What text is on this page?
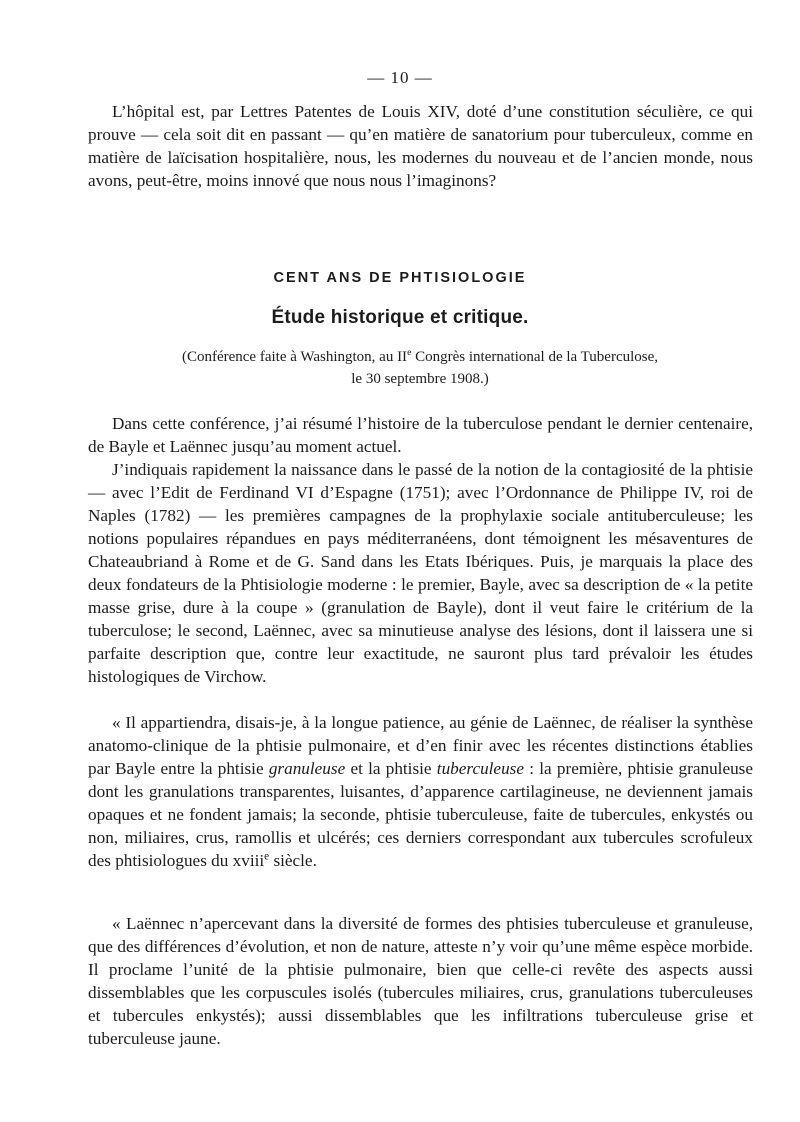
— 10 —

L’hôpital est, par Lettres Patentes de Louis XIV, doté d’une constitution séculière, ce qui prouve — cela soit dit en passant — qu’en matière de sanatorium pour tuberculeux, comme en matière de laïcisation hospitalière, nous, les modernes du nouveau et de l’ancien monde, nous avons, peut-être, moins innové que nous nous l’imaginons?

CENT ANS DE PHTISIOLOGIE
Étude historique et critique.

(Conférence faite à Washington, au IIe Congrès international de la Tuberculose,

le 30 septembre 1908.)

Dans cette conférence, j’ai résumé l’histoire de la tuberculose pendant le dernier centenaire, de Bayle et Laënnec jusqu’au moment actuel.

J’indiquais rapidement la naissance dans le passé de la notion de la contagiosité de la phtisie — avec l’Edit de Ferdinand VI d’Espagne (1751); avec l’Ordonnance de Philippe IV, roi de Naples (1782) — les premières campagnes de la prophylaxie sociale antituberculeuse; les notions populaires répandues en pays méditerranéens, dont témoignent les mésaventures de Chateaubriand à Rome et de G. Sand dans les Etats Ibériques. Puis, je marquais la place des deux fondateurs de la Phtisiologie moderne : le premier, Bayle, avec sa description de « la petite masse grise, dure à la coupe » (granulation de Bayle), dont il veut faire le critérium de la tuberculose; le second, Laënnec, avec sa minutieuse analyse des lésions, dont il laissera une si parfaite description que, contre leur exactitude, ne sauront plus tard prévaloir les études histologiques de Virchow.

« Il appartiendra, disais-je, à la longue patience, au génie de Laënnec, de réaliser la synthèse anatomo-clinique de la phtisie pulmonaire, et d’en finir avec les récentes distinctions établies par Bayle entre la phtisie granuleuse et la phtisie tuberculeuse : la première, phtisie granuleuse dont les granulations transparentes, luisantes, d’apparence cartilagineuse, ne deviennent jamais opaques et ne fondent jamais; la seconde, phtisie tuberculeuse, faite de tubercules, enkystés ou non, miliaires, crus, ramollis et ulcérés; ces derniers correspondant aux tubercules scrofuleux des phtisiologues du xviii$^e$ siècle.

« Laënnec n’apercevant dans la diversité de formes des phtisies tuberculeuse et granuleuse, que des différences d’évolution, et non de nature, atteste n’y voir qu’une même espèce morbide. Il proclame l’unité de la phtisie pulmonaire, bien que celle-ci revête des aspects aussi dissemblables que les corpuscules isolés (tubercules miliaires, crus, granulations tuberculeuses et tubercules enkystés); aussi dissemblables que les infiltrations tuberculeuse grise et tuberculeuse jaune.
